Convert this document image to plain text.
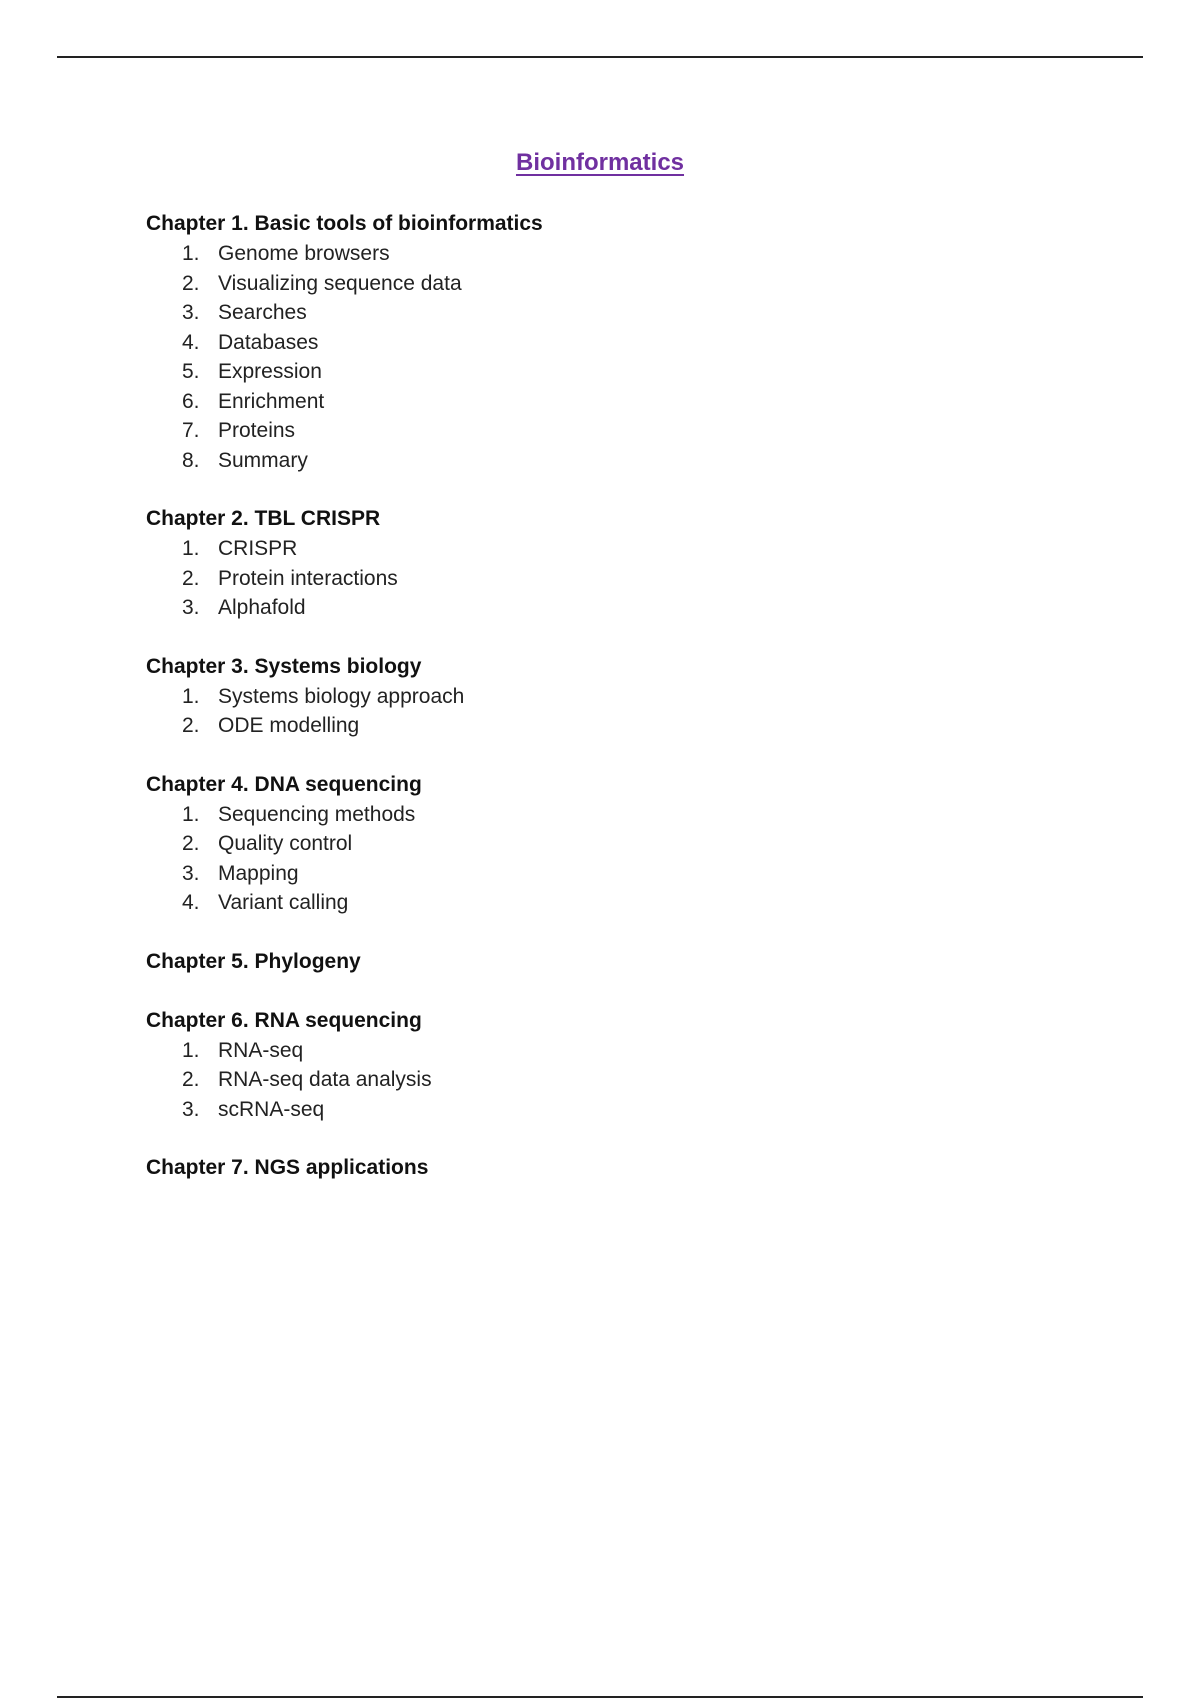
Bioinformatics
Chapter 1. Basic tools of bioinformatics
1. Genome browsers
2. Visualizing sequence data
3. Searches
4. Databases
5. Expression
6. Enrichment
7. Proteins
8. Summary
Chapter 2. TBL CRISPR
1. CRISPR
2. Protein interactions
3. Alphafold
Chapter 3. Systems biology
1. Systems biology approach
2. ODE modelling
Chapter 4. DNA sequencing
1. Sequencing methods
2. Quality control
3. Mapping
4. Variant calling
Chapter 5. Phylogeny
Chapter 6. RNA sequencing
1. RNA-seq
2. RNA-seq data analysis
3. scRNA-seq
Chapter 7. NGS applications
